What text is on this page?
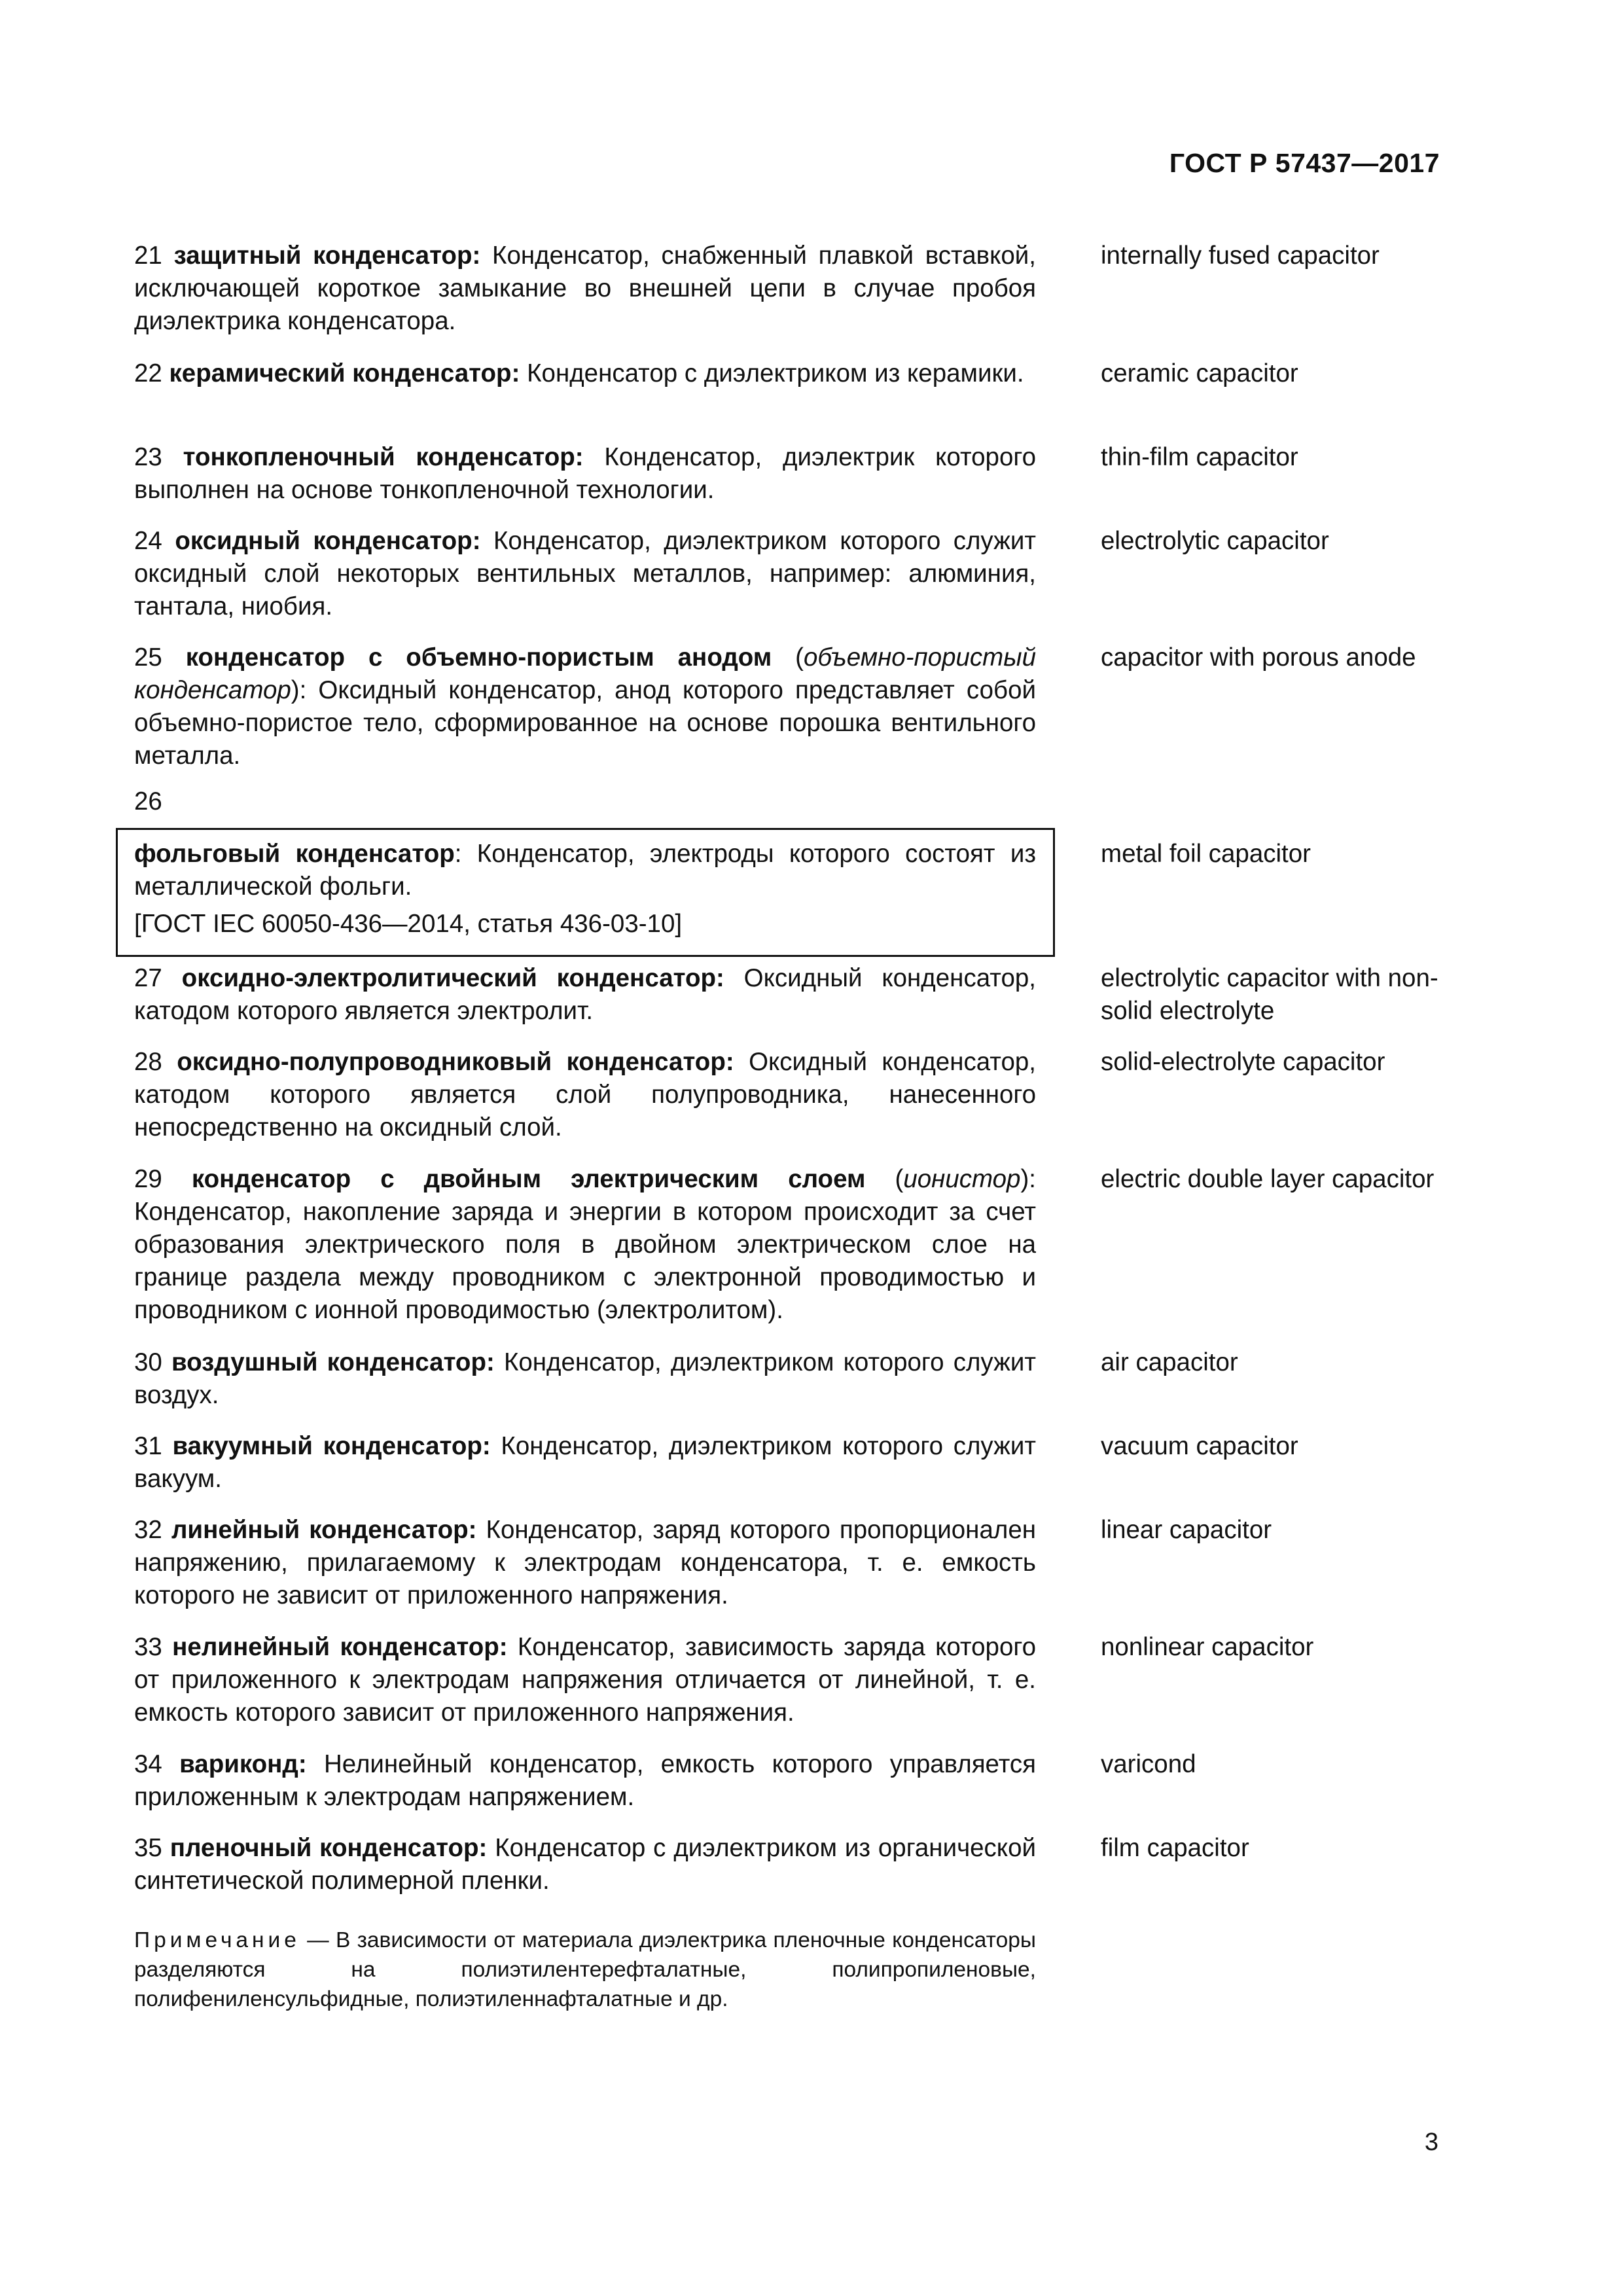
ГОСТ Р 57437—2017
21 защитный конденсатор: Конденсатор, снабженный плавкой вставкой, исключающей короткое замыкание во внешней цепи в случае пробоя диэлектрика конденсатора.
internally fused capacitor
22 керамический конденсатор: Конденсатор с диэлектриком из керамики.	ceramic capacitor
23 тонкопленочный конденсатор: Конденсатор, диэлектрик которого выполнен на основе тонкопленочной технологии.
thin-film capacitor
24 оксидный конденсатор: Конденсатор, диэлектриком которого служит оксидный слой некоторых вентильных металлов, например: алюминия, тантала, ниобия.
electrolytic capacitor
25 конденсатор с объемно-пористым анодом (объемно-пористый конденсатор): Оксидный конденсатор, анод которого представляет собой объемно-пористое тело, сформированное на основе порошка вентильного металла.
capacitor with porous anode
26
фольговый конденсатор: Конденсатор, электроды которого состоят из металлической фольги.
[ГОСТ IEC 60050-436—2014, статья 436-03-10]
metal foil capacitor
27 оксидно-электролитический конденсатор: Оксидный конденсатор, катодом которого является электролит.
electrolytic capacitor with non-solid electrolyte
28 оксидно-полупроводниковый конденсатор: Оксидный конденсатор, катодом которого является слой полупроводника, нанесенного непосредственно на оксидный слой.
solid-electrolyte capacitor
29 конденсатор с двойным электрическим слоем (ионистор): Конденсатор, накопление заряда и энергии в котором происходит за счет образования электрического поля в двойном электрическом слое на границе раздела между проводником с электронной проводимостью и проводником с ионной проводимостью (электролитом).
electric double layer capacitor
30 воздушный конденсатор: Конденсатор, диэлектриком которого служит воздух.
air capacitor
31 вакуумный конденсатор: Конденсатор, диэлектриком которого служит вакуум.
vacuum capacitor
32 линейный конденсатор: Конденсатор, заряд которого пропорционален напряжению, прилагаемому к электродам конденсатора, т. е. емкость которого не зависит от приложенного напряжения.
linear capacitor
33 нелинейный конденсатор: Конденсатор, зависимость заряда которого от приложенного к электродам напряжения отличается от линейной, т. е. емкость которого зависит от приложенного напряжения.
nonlinear capacitor
34 вариконд: Нелинейный конденсатор, емкость которого управляется приложенным к электродам напряжением.
varicond
35 пленочный конденсатор: Конденсатор с диэлектриком из органической синтетической полимерной пленки.
film capacitor
Примечание — В зависимости от материала диэлектрика пленочные конденсаторы разделяются на полиэтилентерефталатные, полипропиленовые, полифениленсульфидные, полиэтиленнафталатные и др.
3
